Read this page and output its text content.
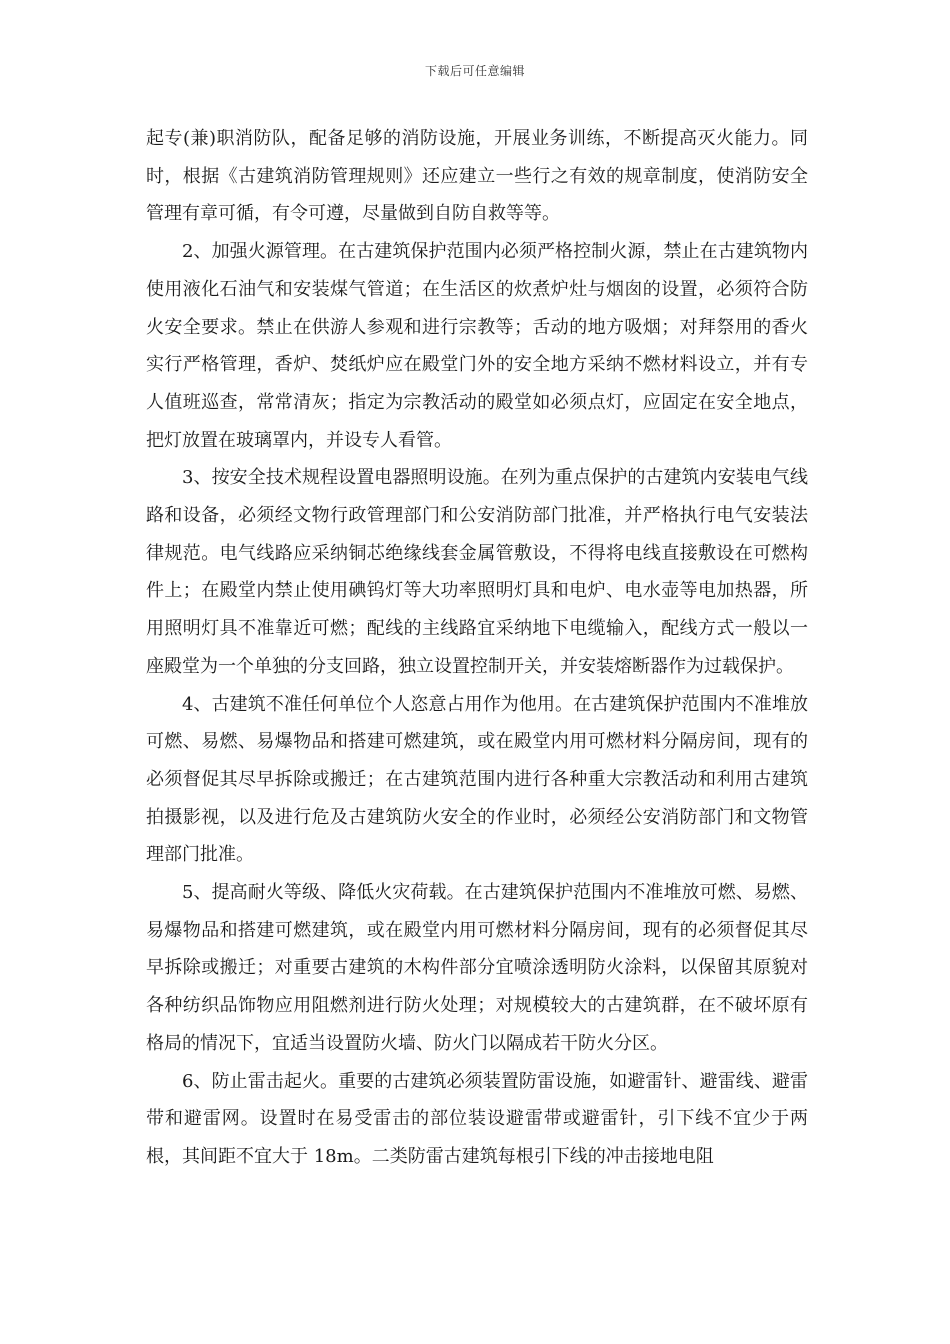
下载后可任意编辑

起专(兼)职消防队，配备足够的消防设施，开展业务训练，不断提高灭火能力。同时，根据《古建筑消防管理规则》还应建立一些行之有效的规章制度，使消防安全管理有章可循，有令可遵，尽量做到自防自救等等。

2、加强火源管理。在古建筑保护范围内必须严格控制火源，禁止在古建筑物内使用液化石油气和安装煤气管道；在生活区的炊煮炉灶与烟囱的设置，必须符合防火安全要求。禁止在供游人参观和进行宗教等；舌动的地方吸烟；对拜祭用的香火实行严格管理，香炉、焚纸炉应在殿堂门外的安全地方采纳不燃材料设立，并有专人值班巡查，常常清灰；指定为宗教活动的殿堂如必须点灯，应固定在安全地点，把灯放置在玻璃罩内，并设专人看管。

3、按安全技术规程设置电器照明设施。在列为重点保护的古建筑内安装电气线路和设备，必须经文物行政管理部门和公安消防部门批准，并严格执行电气安装法律规范。电气线路应采纳铜芯绝缘线套金属管敷设，不得将电线直接敷设在可燃构件上；在殿堂内禁止使用碘钨灯等大功率照明灯具和电炉、电水壶等电加热器，所用照明灯具不准靠近可燃；配线的主线路宜采纳地下电缆输入，配线方式一般以一座殿堂为一个单独的分支回路，独立设置控制开关，并安装熔断器作为过载保护。

4、古建筑不准任何单位个人恣意占用作为他用。在古建筑保护范围内不准堆放可燃、易燃、易爆物品和搭建可燃建筑，或在殿堂内用可燃材料分隔房间，现有的必须督促其尽早拆除或搬迁；在古建筑范围内进行各种重大宗教活动和利用古建筑拍摄影视，以及进行危及古建筑防火安全的作业时，必须经公安消防部门和文物管理部门批准。

5、提高耐火等级、降低火灾荷载。在古建筑保护范围内不准堆放可燃、易燃、易爆物品和搭建可燃建筑，或在殿堂内用可燃材料分隔房间，现有的必须督促其尽早拆除或搬迁；对重要古建筑的木构件部分宜喷涂透明防火涂料，以保留其原貌对各种纺织品饰物应用阻燃剂进行防火处理；对规模较大的古建筑群，在不破坏原有格局的情况下，宜适当设置防火墙、防火门以隔成若干防火分区。

6、防止雷击起火。重要的古建筑必须装置防雷设施，如避雷针、避雷线、避雷带和避雷网。设置时在易受雷击的部位装设避雷带或避雷针，引下线不宜少于两根，其间距不宜大于 18m。二类防雷古建筑每根引下线的冲击接地电阻
